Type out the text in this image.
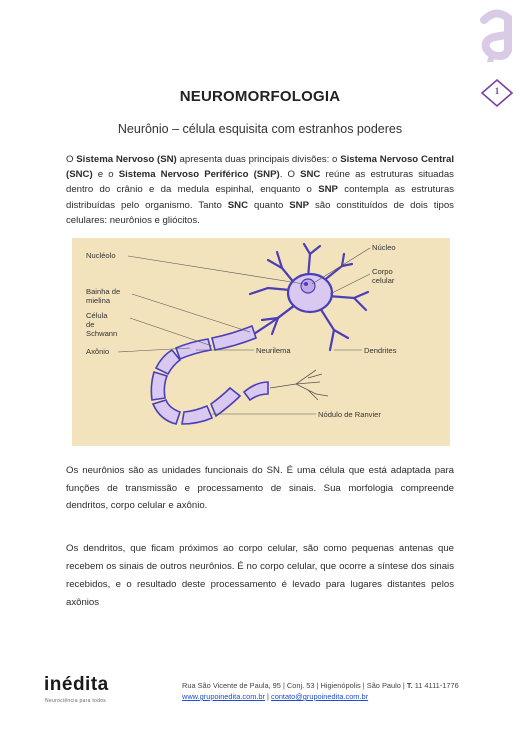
1
NEUROMORFOLOGIA
Neurônio – célula esquisita com estranhos poderes
O Sistema Nervoso (SN) apresenta duas principais divisões: o Sistema Nervoso Central (SNC) e o Sistema Nervoso Periférico (SNP). O SNC reúne as estruturas situadas dentro do crânio e da medula espinhal, enquanto o SNP contempla as estruturas distribuídas pelo organismo. Tanto SNC quanto SNP são constituídos de dois tipos celulares: neurônios e gliócitos.
Nucléolo
Núcleo
Corpo
celular
Bainha de
mielina
Célula
de
Schwann
Axônio	Neurilema	Dendrites
Nódulo de Ranvier
Os neurônios são as unidades funcionais do SN. É uma célula que está adaptada para funções de transmissão e processamento de sinais. Sua morfologia compreende dendritos, corpo celular e axônio.
Os dendritos, que ficam próximos ao corpo celular, são como pequenas antenas que recebem os sinais de outros neurônios. É no corpo celular, que ocorre a síntese dos sinais recebidos, e o resultado deste processamento é levado para lugares distantes pelos axônios
inédita
Neurociência para todos
Rua São Vicente de Paula, 95 | Conj. 53 | Higienópolis | São Paulo | T. 11 4111-1776
www.grupoinedita.com.br | contato@grupoinedita.com.br
